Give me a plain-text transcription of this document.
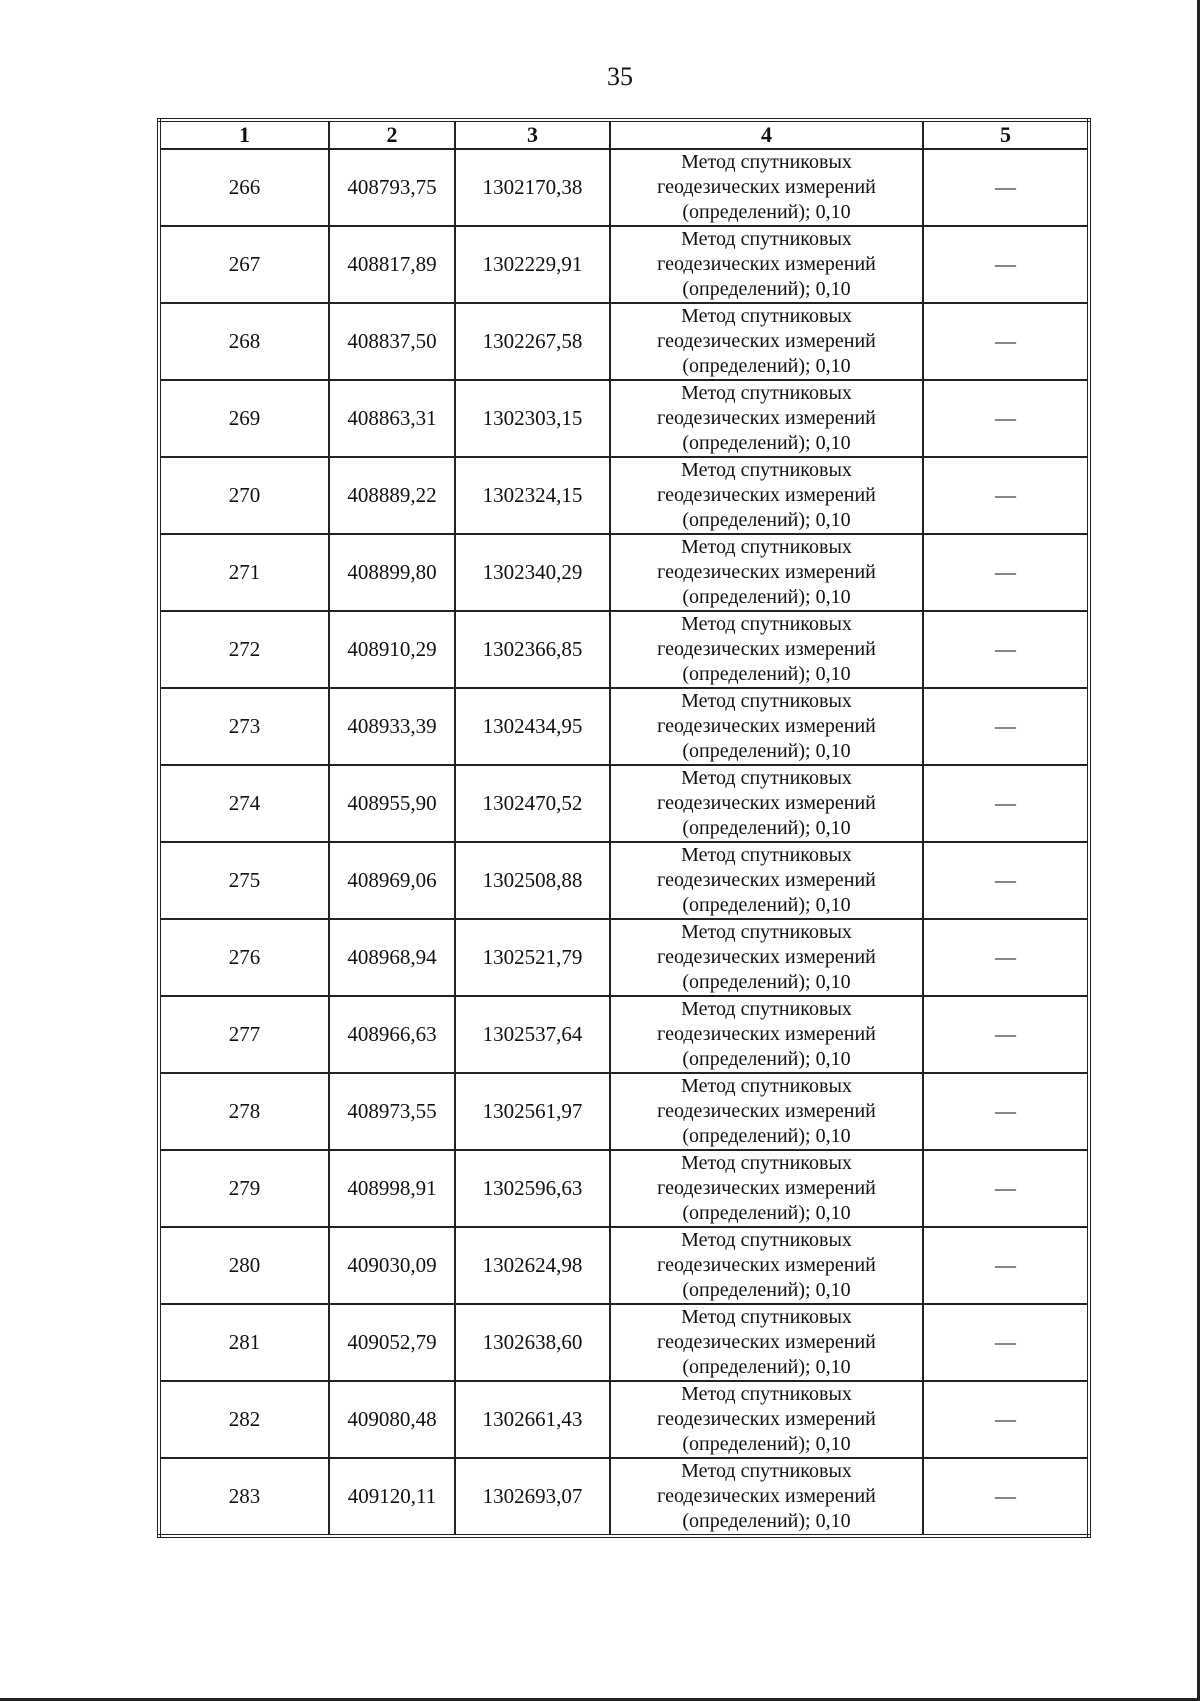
35
1	2	3	4	5
266	408793,75	1302170,38	Метод спутниковых
геодезических измерений
(определений); 0,10	—
267	408817,89	1302229,91	Метод спутниковых
геодезических измерений
(определений); 0,10	—
268	408837,50	1302267,58	Метод спутниковых
геодезических измерений
(определений); 0,10	—
269	408863,31	1302303,15	Метод спутниковых
геодезических измерений
(определений); 0,10	—
270	408889,22	1302324,15	Метод спутниковых
геодезических измерений
(определений); 0,10	—
271	408899,80	1302340,29	Метод спутниковых
геодезических измерений
(определений); 0,10	—
272	408910,29	1302366,85	Метод спутниковых
геодезических измерений
(определений); 0,10	—
273	408933,39	1302434,95	Метод спутниковых
геодезических измерений
(определений); 0,10	—
274	408955,90	1302470,52	Метод спутниковых
геодезических измерений
(определений); 0,10	—
275	408969,06	1302508,88	Метод спутниковых
геодезических измерений
(определений); 0,10	—
276	408968,94	1302521,79	Метод спутниковых
геодезических измерений
(определений); 0,10	—
277	408966,63	1302537,64	Метод спутниковых
геодезических измерений
(определений); 0,10	—
278	408973,55	1302561,97	Метод спутниковых
геодезических измерений
(определений); 0,10	—
279	408998,91	1302596,63	Метод спутниковых
геодезических измерений
(определений); 0,10	—
280	409030,09	1302624,98	Метод спутниковых
геодезических измерений
(определений); 0,10	—
281	409052,79	1302638,60	Метод спутниковых
геодезических измерений
(определений); 0,10	—
282	409080,48	1302661,43	Метод спутниковых
геодезических измерений
(определений); 0,10	—
283	409120,11	1302693,07	Метод спутниковых
геодезических измерений
(определений); 0,10	—
